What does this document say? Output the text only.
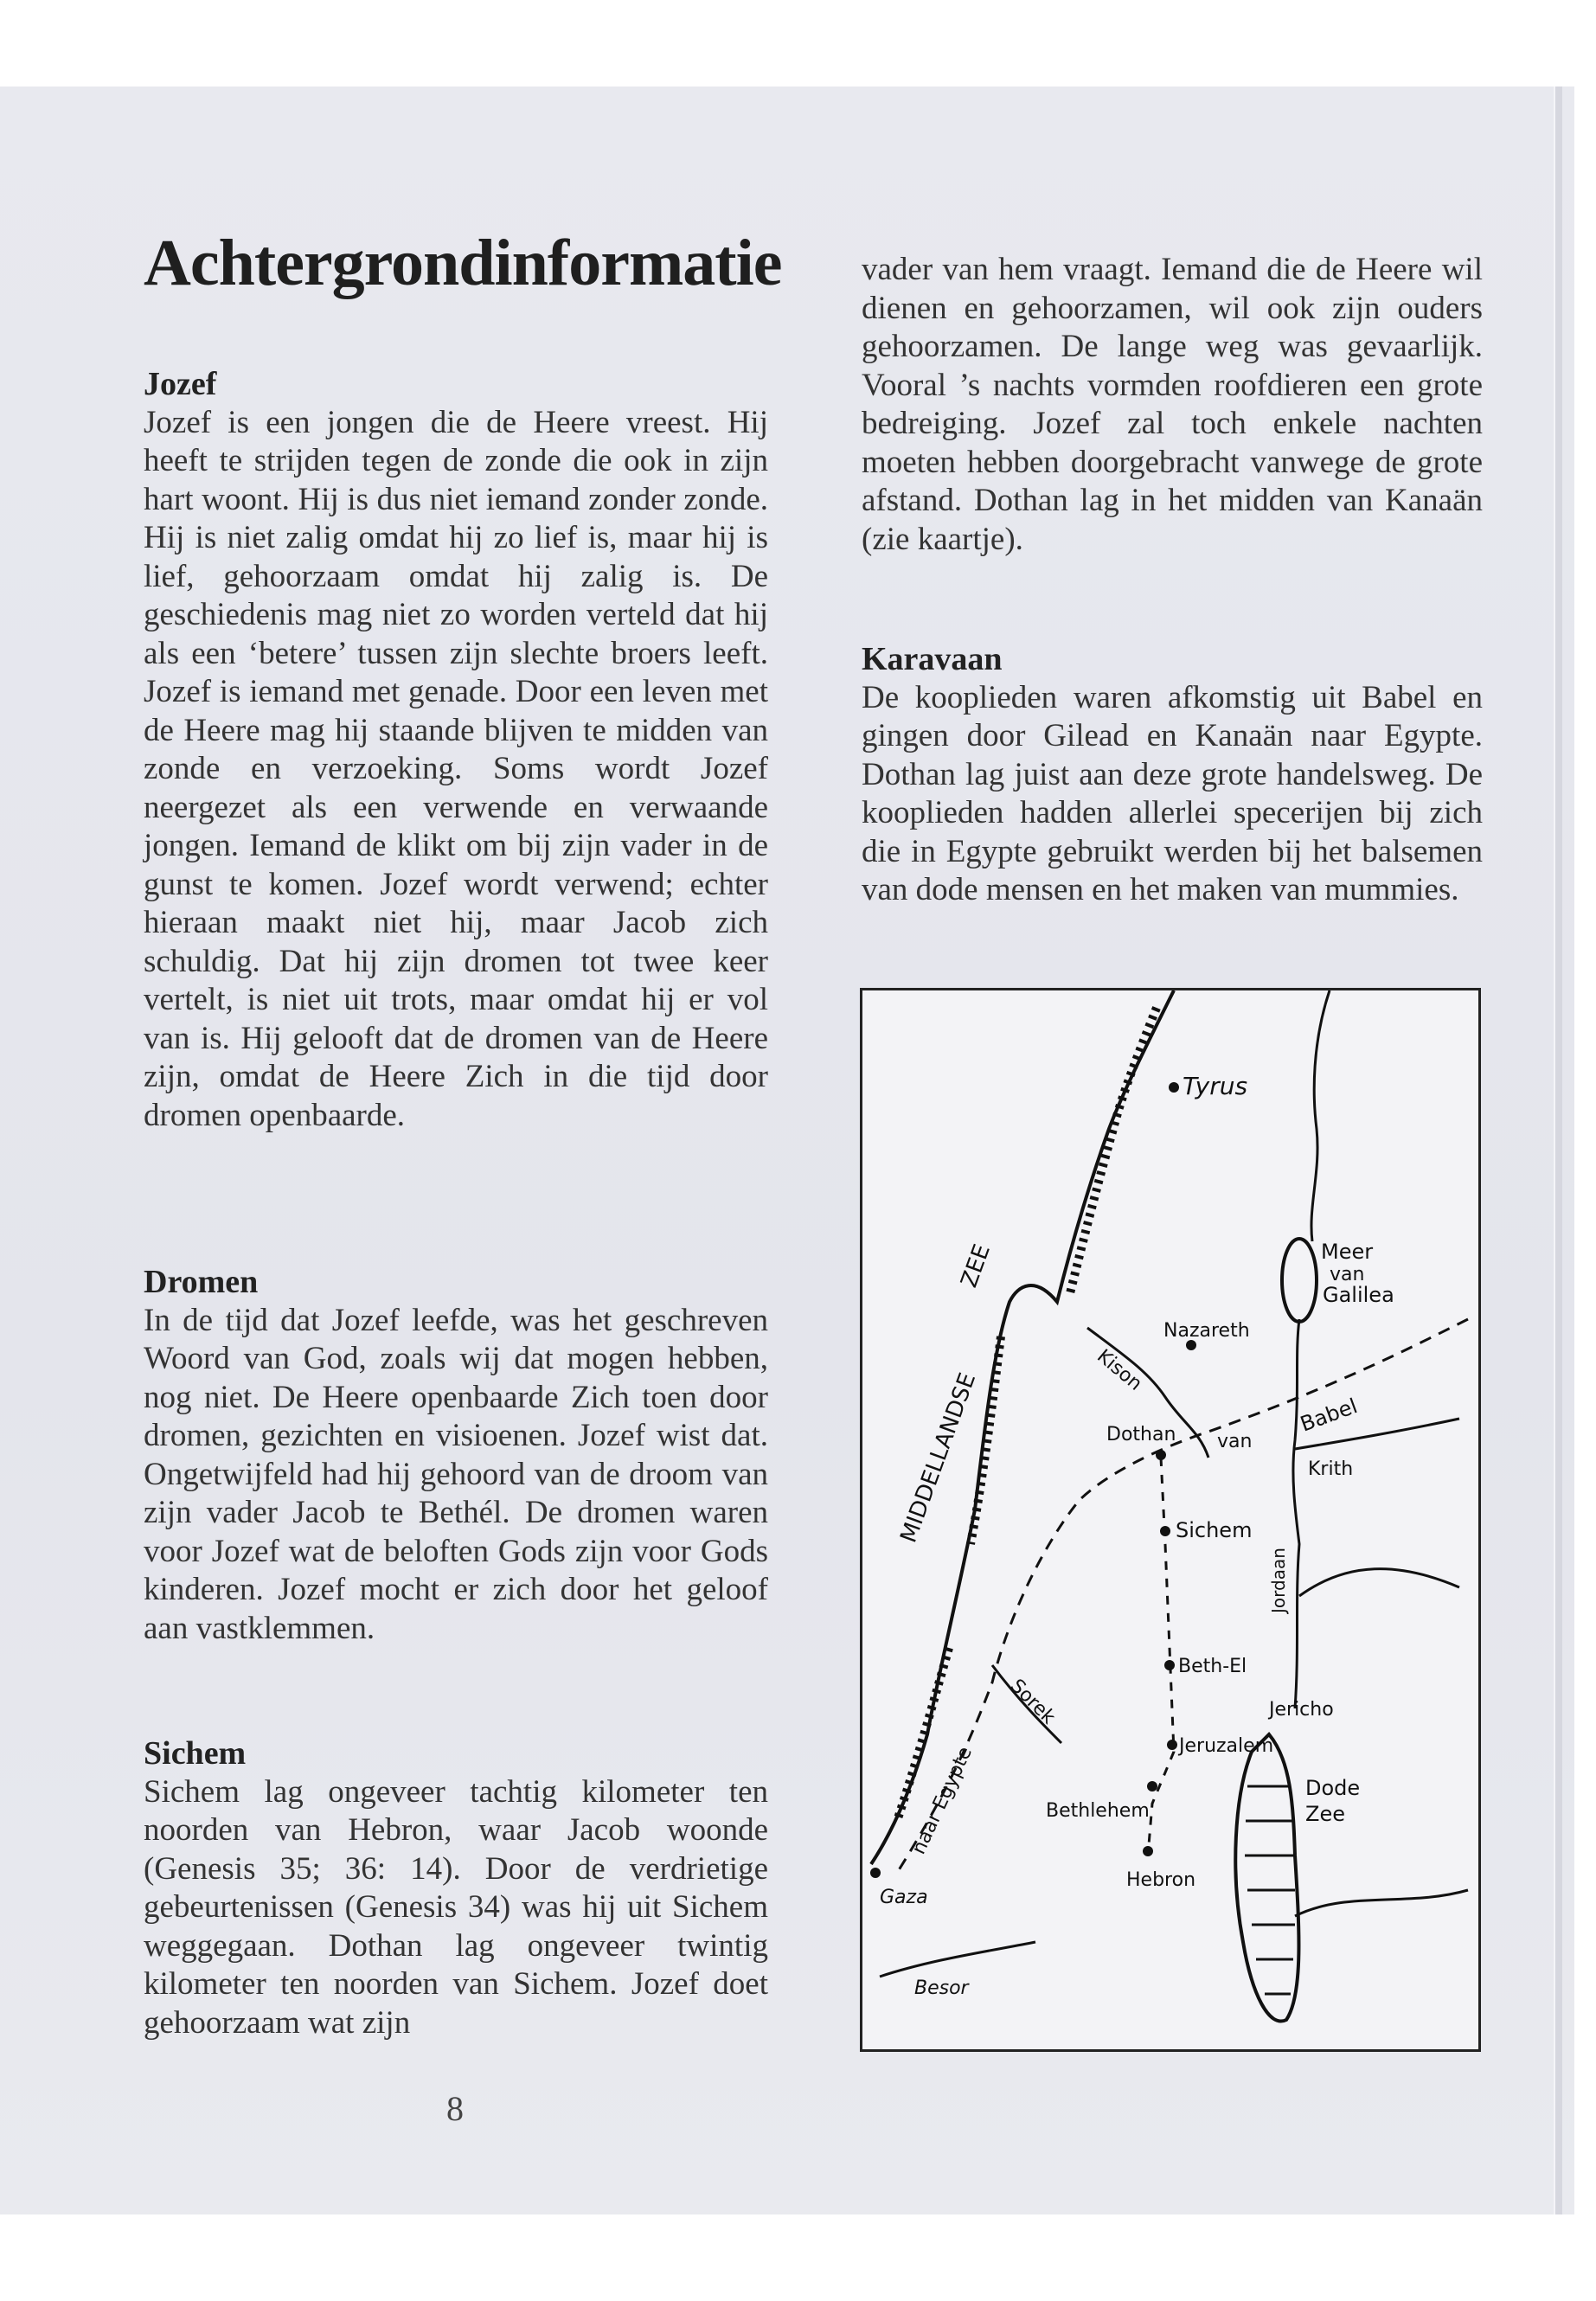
Achtergrondinformatie
Jozef

Jozef is een jongen die de Heere vreest. Hij heeft te strijden tegen de zonde die ook in zijn hart woont. Hij is dus niet iemand zonder zonde. Hij is niet zalig omdat hij zo lief is, maar hij is lief, gehoorzaam omdat hij zalig is. De geschiedenis mag niet zo worden verteld dat hij als een ‘betere’ tussen zijn slechte broers leeft. Jozef is iemand met genade. Door een leven met de Heere mag hij staande blijven te midden van zonde en verzoeking. Soms wordt Jozef neergezet als een verwende en verwaande jongen. Iemand de klikt om bij zijn vader in de gunst te komen. Jozef wordt verwend; echter hieraan maakt niet hij, maar Jacob zich schuldig. Dat hij zijn dromen tot twee keer vertelt, is niet uit trots, maar omdat hij er vol van is. Hij gelooft dat de dromen van de Heere zijn, omdat de Heere Zich in die tijd door dromen openbaarde.

Dromen

In de tijd dat Jozef leefde, was het geschreven Woord van God, zoals wij dat mogen hebben, nog niet. De Heere openbaarde Zich toen door dromen, gezichten en visioenen. Jozef wist dat. Ongetwijfeld had hij gehoord van de droom van zijn vader Jacob te Bethél. De dromen waren voor Jozef wat de beloften Gods zijn voor Gods kinderen. Jozef mocht er zich door het geloof aan vastklemmen.

Sichem

Sichem lag ongeveer tachtig kilometer ten noorden van Hebron, waar Jacob woonde (Genesis 35; 36: 14). Door de verdrietige gebeurtenissen (Genesis 34) was hij uit Sichem weggegaan. Dothan lag ongeveer twintig kilometer ten noorden van Sichem. Jozef doet gehoorzaam wat zijn

vader van hem vraagt. Iemand die de Heere wil dienen en gehoorzamen, wil ook zijn ouders gehoorzamen. De lange weg was gevaarlijk. Vooral ’s nachts vormden roofdieren een grote bedreiging. Jozef zal toch enkele nachten moeten hebben doorgebracht vanwege de grote afstand. Dothan lag in het midden van Kanaän (zie kaartje).

Karavaan

De kooplieden waren afkomstig uit Babel en gingen door Gilead en Kanaän naar Egypte. Dothan lag juist aan deze grote handelsweg. De kooplieden hadden allerlei specerijen bij zich die in Egypte gebruikt werden bij het balsemen van dode mensen en het maken van mummies.

Tyrus
Meer
van
Galilea
Nazareth
Kison
ZEE
MIDDELLANDSE	Dothan van
Babel
Krith
Sichem
Jordaan
Beth-El
Jericho
Jeruzalem
Sorek
naar Egypte	Bethlehem
Dode
Zee
Hebron
Gaza
Besor
8
